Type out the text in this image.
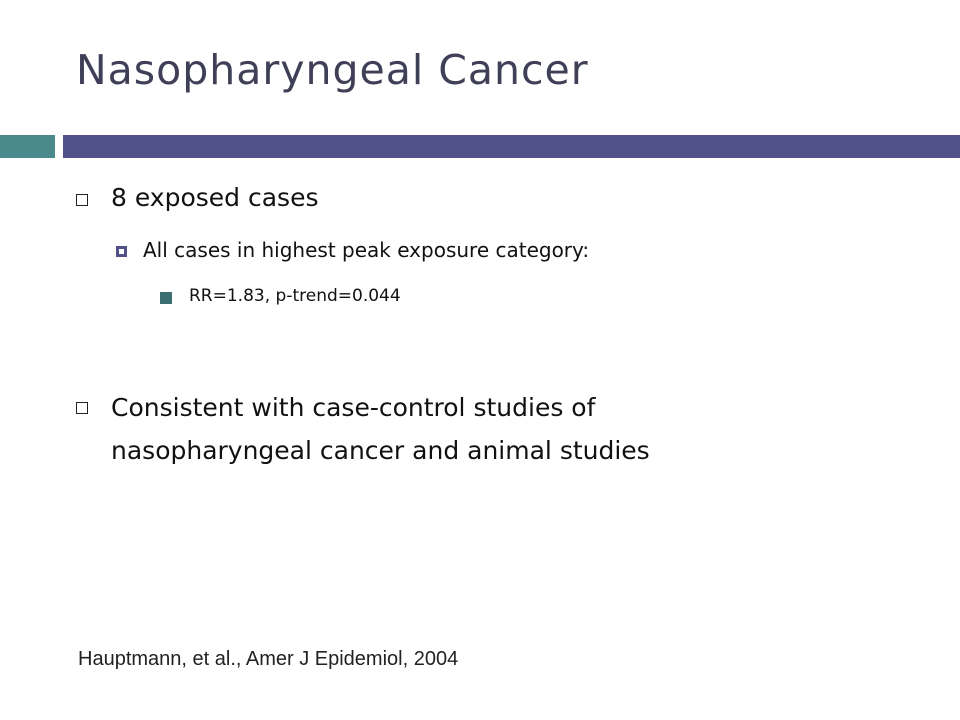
Nasopharyngeal Cancer
8 exposed cases
All cases in highest peak exposure category:
RR=1.83, p-trend=0.044
Consistent with case-control studies of
nasopharyngeal cancer and animal studies
Hauptmann, et al., Amer J Epidemiol, 2004
